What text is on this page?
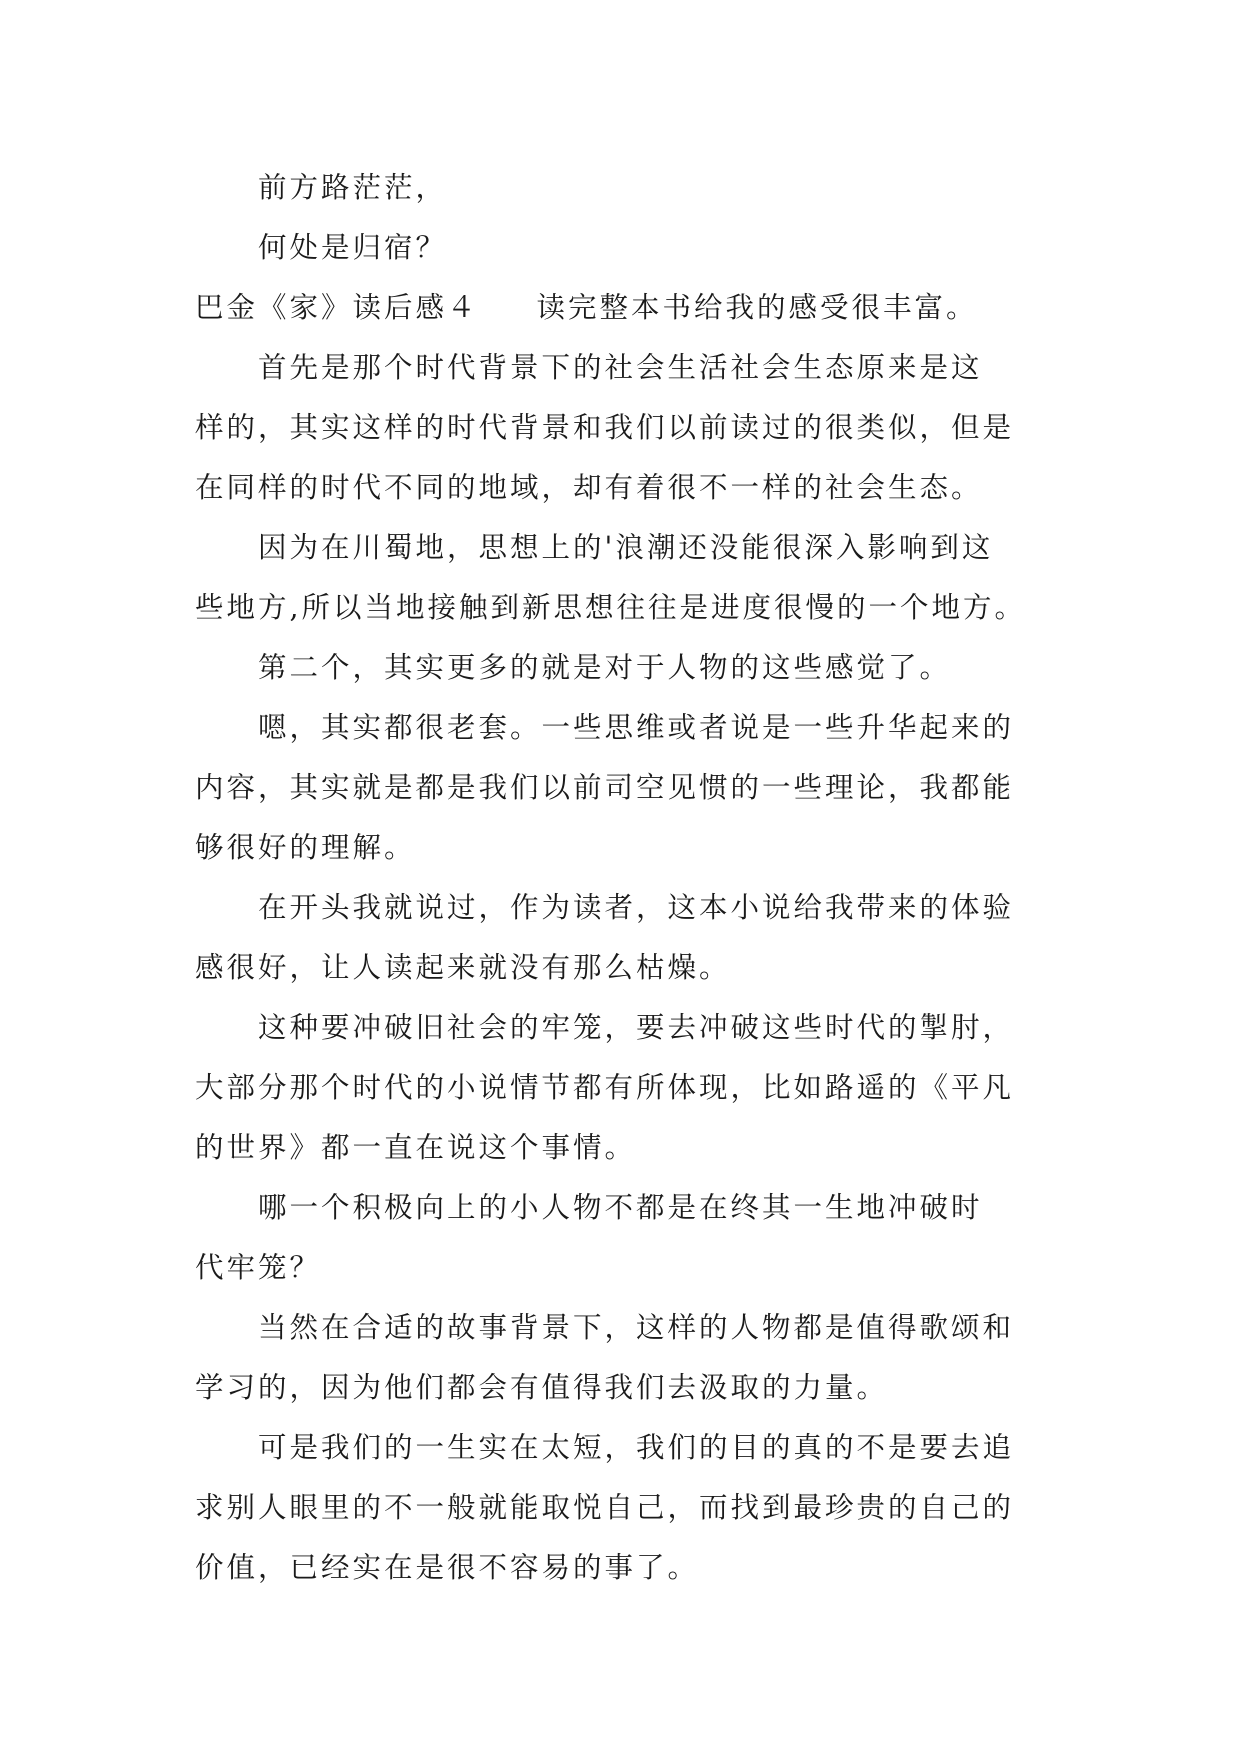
前方路茫茫，
何处是归宿？
巴金《家》读后感４ 读完整本书给我的感受很丰富。
首先是那个时代背景下的社会生活社会生态原来是这
样的，其实这样的时代背景和我们以前读过的很类似，但是
在同样的时代不同的地域，却有着很不一样的社会生态。
因为在川蜀地，思想上的'浪潮还没能很深入影响到这
些地方,所以当地接触到新思想往往是进度很慢的一个地方。
第二个，其实更多的就是对于人物的这些感觉了。
嗯，其实都很老套。一些思维或者说是一些升华起来的
内容，其实就是都是我们以前司空见惯的一些理论，我都能
够很好的理解。
在开头我就说过，作为读者，这本小说给我带来的体验
感很好，让人读起来就没有那么枯燥。
这种要冲破旧社会的牢笼，要去冲破这些时代的掣肘，
大部分那个时代的小说情节都有所体现，比如路遥的《平凡
的世界》都一直在说这个事情。
哪一个积极向上的小人物不都是在终其一生地冲破时
代牢笼？
当然在合适的故事背景下，这样的人物都是值得歌颂和
学习的，因为他们都会有值得我们去汲取的力量。
可是我们的一生实在太短，我们的目的真的不是要去追
求别人眼里的不一般就能取悦自己，而找到最珍贵的自己的
价值，已经实在是很不容易的事了。
